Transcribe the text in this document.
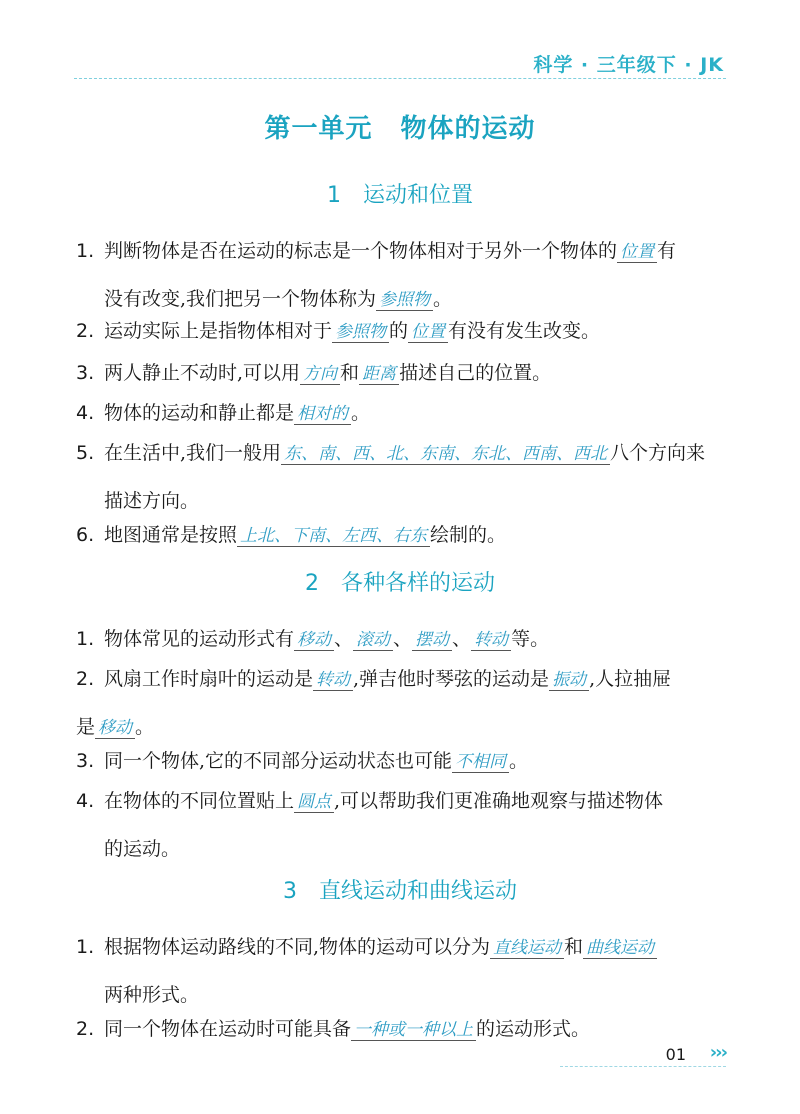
科学 · 三年级下 · JK
第一单元 物体的运动
1 运动和位置
1. 判断物体是否在运动的标志是一个物体相对于另外一个物体的 位置 有
没有改变,我们把另一个物体称为 参照物 。
2. 运动实际上是指物体相对于 参照物 的 位置 有没有发生改变。
3. 两人静止不动时,可以用 方向 和 距离 描述自己的位置。
4. 物体的运动和静止都是 相对的 。
5. 在生活中,我们一般用 东、南、西、北、东南、东北、西南、西北 八个方向来
描述方向。
6. 地图通常是按照 上北、下南、左西、右东 绘制的。
2 各种各样的运动
1. 物体常见的运动形式有 移动 、 滚动 、 摆动 、 转动 等。
2. 风扇工作时扇叶的运动是 转动 ,弹吉他时琴弦的运动是 振动 ,人拉抽屉
是 移动 。
3. 同一个物体,它的不同部分运动状态也可能 不相同 。
4. 在物体的不同位置贴上 圆点 ,可以帮助我们更准确地观察与描述物体
的运动。
3 直线运动和曲线运动
1. 根据物体运动路线的不同,物体的运动可以分为 直线运动 和 曲线运动
两种形式。
2. 同一个物体在运动时可能具备 一种或一种以上 的运动形式。
01 ›››
